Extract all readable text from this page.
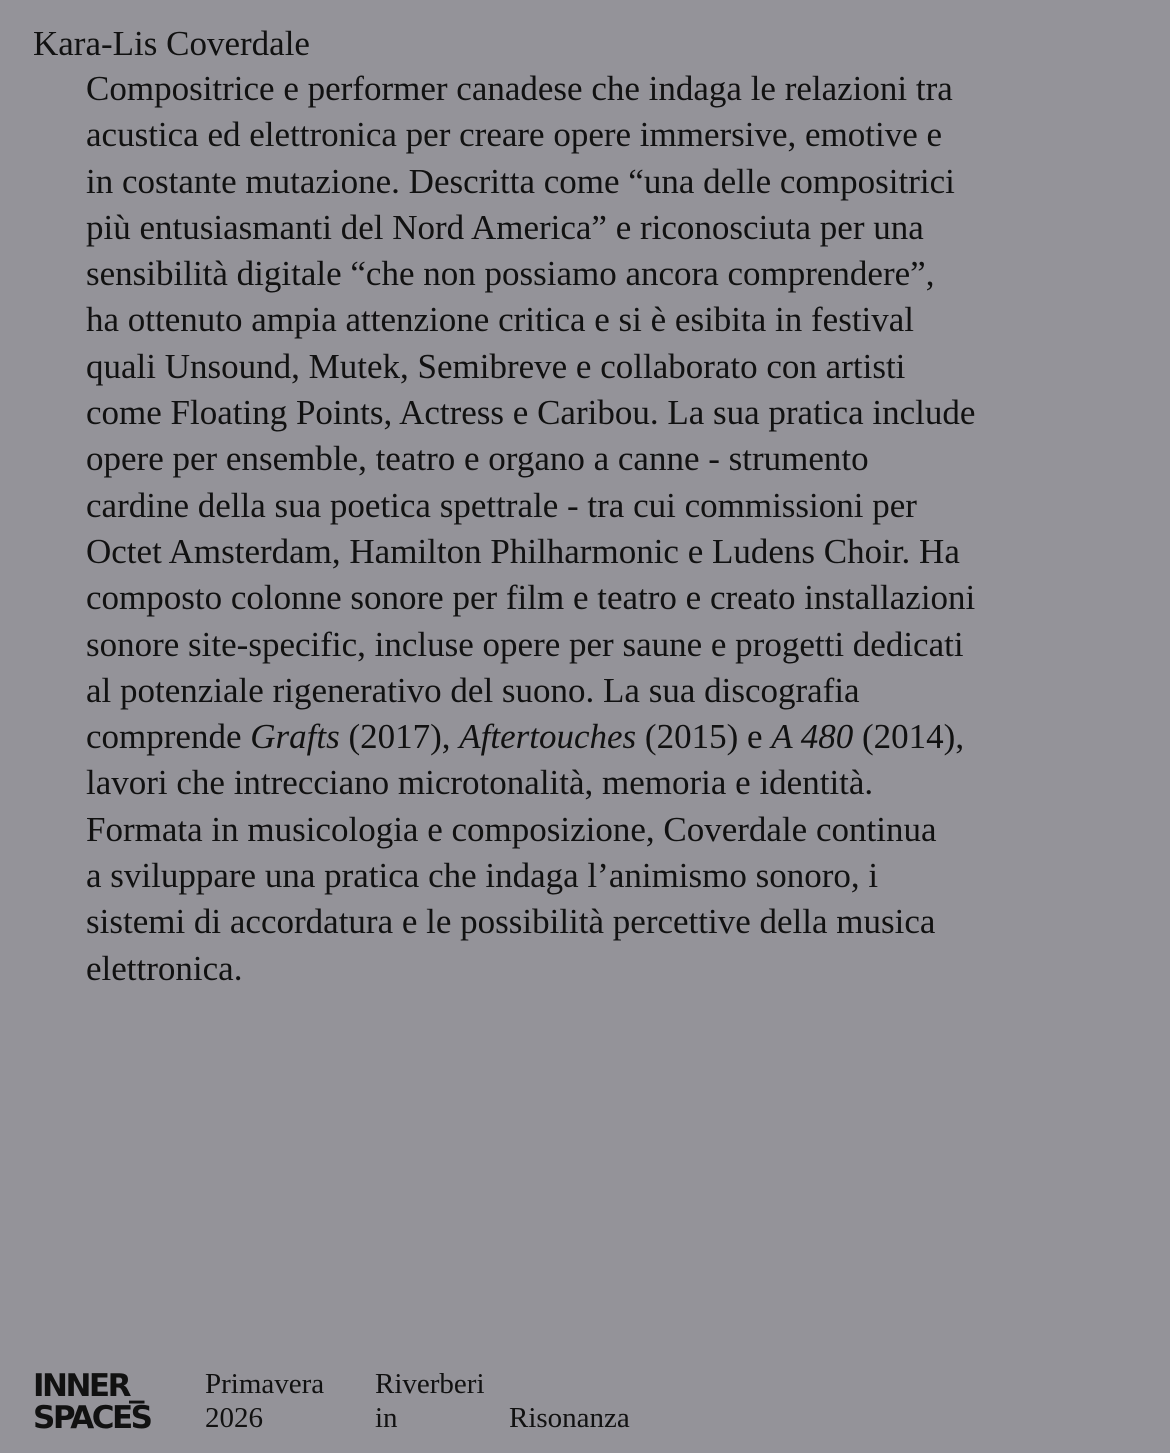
Kara-Lis Coverdale

Compositrice e performer canadese che indaga le relazioni tra
acustica ed elettronica per creare opere immersive, emotive e
in costante mutazione. Descritta come “una delle compositrici
più entusiasmanti del Nord America” e riconosciuta per una
sensibilità digitale “che non possiamo ancora comprendere”,
ha ottenuto ampia attenzione critica e si è esibita in festival
quali Unsound, Mutek, Semibreve e collaborato con artisti
come Floating Points, Actress e Caribou. La sua pratica include
opere per ensemble, teatro e organo a canne - strumento
cardine della sua poetica spettrale - tra cui commissioni per
Octet Amsterdam, Hamilton Philharmonic e Ludens Choir. Ha
composto colonne sonore per film e teatro e creato installazioni
sonore site-specific, incluse opere per saune e progetti dedicati
al potenziale rigenerativo del suono. La sua discografia
comprende Grafts (2017), Aftertouches (2015) e A 480 (2014),
lavori che intrecciano microtonalità, memoria e identità.
Formata in musicologia e composizione, Coverdale continua
a sviluppare una pratica che indaga l’animismo sonoro, i
sistemi di accordatura e le possibilità percettive della musica
elettronica.

INNER_
SPACES
Primavera
2026
Riverberi
in	Risonanza
